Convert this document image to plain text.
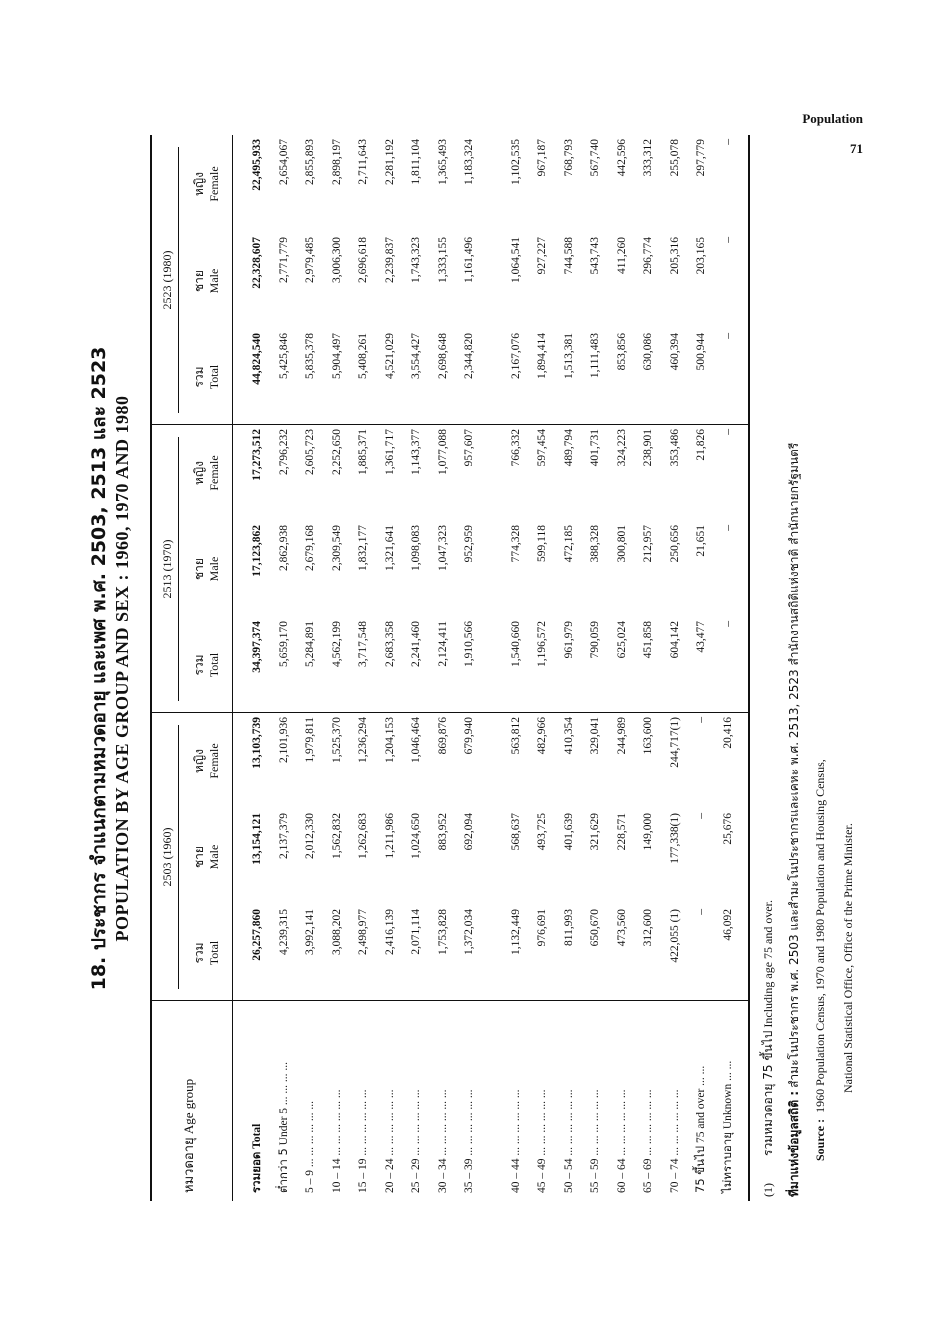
Population
71
18. ประชากร จำแนกตามหมวดอายุ และเพศ พ.ศ. 2503, 2513 และ 2523 POPULATION BY AGE GROUP AND SEX : 1960, 1970 AND 1980
หมวดอายุ Age group
2503 (1960)
2513 (1970)
2523 (1980)
รวม Total
ชาย Male
หญิง Female
รวม Total
ชาย Male
หญิง Female
รวม Total
ชาย Male
หญิง Female
รวมยอด Total	26,257,860	13,154,121	13,103,739	34,397,374	17,123,862	17,273,512	44,824,540	22,328,607	22,495,933
ต่ำกว่า 5 Under 5 ... ... ... ...	4,239,315	2,137,379	2,101,936	5,659,170	2,862,938	2,796,232	5,425,846	2,771,779	2,654,067
5 – 9 ... ... ... ... ... ...	3,992,141	2,012,330	1,979,811	5,284,891	2,679,168	2,605,723	5,835,378	2,979,485	2,855,893
10 – 14 ... ... ... ... ... ...	3,088,202	1,562,832	1,525,370	4,562,199	2,309,549	2,252,650	5,904,497	3,006,300	2,898,197
15 – 19 ... ... ... ... ... ...	2,498,977	1,262,683	1,236,294	3,717,548	1,832,177	1,885,371	5,408,261	2,696,618	2,711,643
20 – 24 ... ... ... ... ... ...	2,416,139	1,211,986	1,204,153	2,683,358	1,321,641	1,361,717	4,521,029	2,239,837	2,281,192
25 – 29 ... ... ... ... ... ...	2,071,114	1,024,650	1,046,464	2,241,460	1,098,083	1,143,377	3,554,427	1,743,323	1,811,104
30 – 34 ... ... ... ... ... ...	1,753,828	883,952	869,876	2,124,411	1,047,323	1,077,088	2,698,648	1,333,155	1,365,493
35 – 39 ... ... ... ... ... ...	1,372,034	692,094	679,940	1,910,566	952,959	957,607	2,344,820	1,161,496	1,183,324

40 – 44 ... ... ... ... ... ...	1,132,449	568,637	563,812	1,540,660	774,328	766,332	2,167,076	1,064,541	1,102,535
45 – 49 ... ... ... ... ... ...	976,691	493,725	482,966	1,196,572	599,118	597,454	1,894,414	927,227	967,187
50 – 54 ... ... ... ... ... ...	811,993	401,639	410,354	961,979	472,185	489,794	1,513,381	744,588	768,793
55 – 59 ... ... ... ... ... ...	650,670	321,629	329,041	790,059	388,328	401,731	1,111,483	543,743	567,740
60 – 64 ... ... ... ... ... ...	473,560	228,571	244,989	625,024	300,801	324,223	853,856	411,260	442,596
65 – 69 ... ... ... ... ... ...	312,600	149,000	163,600	451,858	212,957	238,901	630,086	296,774	333,312
70 – 74 ... ... ... ... ... ...	422,055 (1)	177,338(1)	244,717(1)	604,142	250,656	353,486	460,394	205,316	255,078
75 ขึ้นไป 75 and over ... ...	–	–	–	43,477	21,651	21,826	500,944	203,165	297,779
ไม่ทราบอายุ Unknown ... ...	46,092	25,676	20,416	–	–	–	–	–	–
(1)         รวมหมวดอายุ 75 ขึ้นไป Including age 75 and over.
ที่มาแห่งข้อมูลสถิติ : สำมะโนประชากร พ.ศ. 2503 และสำมะโนประชากรและเคหะ พ.ศ. 2513, 2523 สำนักงานสถิติแห่งชาติ สำนักนายกรัฐมนตรี
Source :  1960 Population Census, 1970 and 1980 Population and Housing Census, National Statistical Office, Office of the Prime Minister.
